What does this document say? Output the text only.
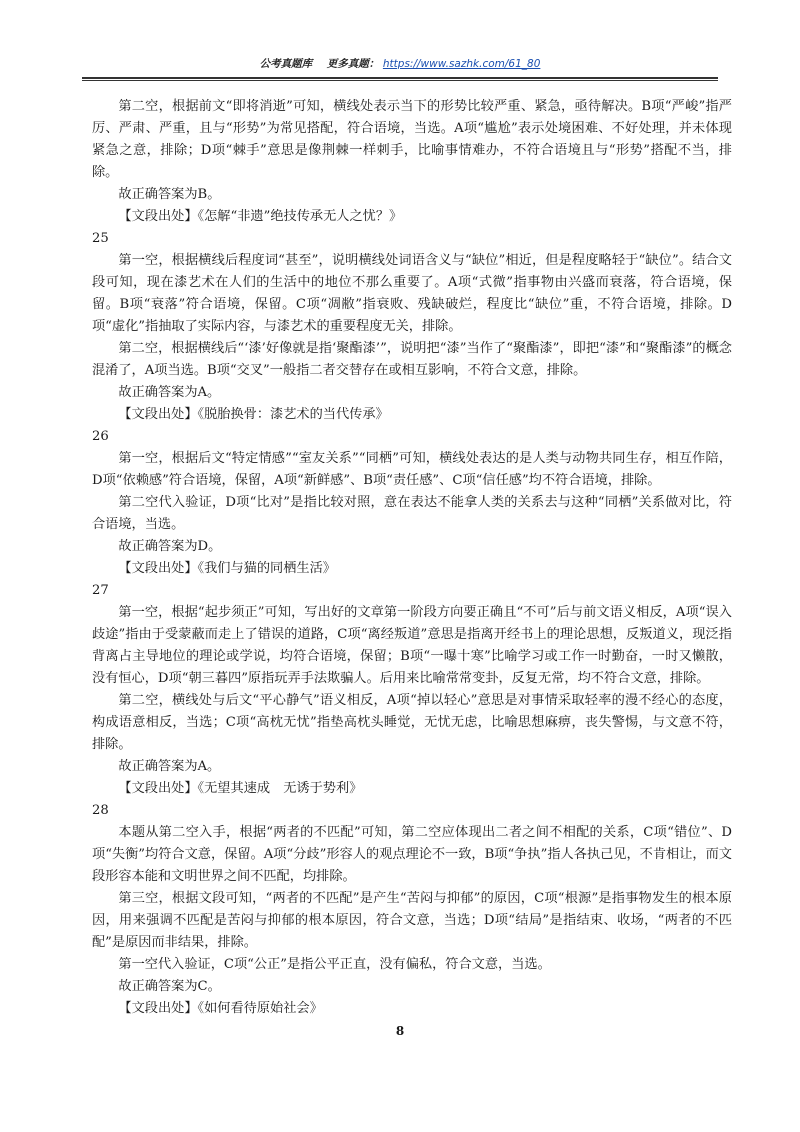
公考真题库 更多真题： https://www.sazhk.com/61_80

第二空，根据前文“即将消逝”可知，横线处表示当下的形势比较严重、紧急，亟待解决。B项“严峻”指严厉、严肃、严重，且与“形势”为常见搭配，符合语境，当选。A项“尴尬”表示处境困难、不好处理，并未体现紧急之意，排除；D项“棘手”意思是像荆棘一样刺手，比喻事情难办，不符合语境且与“形势”搭配不当，排除。

故正确答案为B。

【文段出处】《怎解“非遗”绝技传承无人之忧？》

25

第一空，根据横线后程度词“甚至”，说明横线处词语含义与“缺位”相近，但是程度略轻于“缺位”。结合文段可知，现在漆艺术在人们的生活中的地位不那么重要了。A项“式微”指事物由兴盛而衰落，符合语境，保留。B项“衰落”符合语境，保留。C项“凋敝”指衰败、残缺破烂，程度比“缺位”重，不符合语境，排除。D项“虚化”指抽取了实际内容，与漆艺术的重要程度无关，排除。

第二空，根据横线后“‘漆’好像就是指‘聚酯漆’”，说明把“漆”当作了“聚酯漆”，即把“漆”和“聚酯漆”的概念混淆了，A项当选。B项“交叉”一般指二者交替存在或相互影响，不符合文意，排除。

故正确答案为A。

【文段出处】《脱胎换骨：漆艺术的当代传承》

26

第一空，根据后文“特定情感”“室友关系”“同栖”可知，横线处表达的是人类与动物共同生存，相互作陪，D项“依赖感”符合语境，保留，A项“新鲜感”、B项“责任感”、C项“信任感”均不符合语境，排除。

第二空代入验证，D项“比对”是指比较对照，意在表达不能拿人类的关系去与这种“同栖”关系做对比，符合语境，当选。

故正确答案为D。

【文段出处】《我们与猫的同栖生活》

27

第一空，根据“起步须正”可知，写出好的文章第一阶段方向要正确且“不可”后与前文语义相反，A项“误入歧途”指由于受蒙蔽而走上了错误的道路，C项“离经叛道”意思是指离开经书上的理论思想，反叛道义，现泛指背离占主导地位的理论或学说，均符合语境，保留；B项“一曝十寒”比喻学习或工作一时勤奋，一时又懒散，没有恒心，D项“朝三暮四”原指玩弄手法欺骗人。后用来比喻常常变卦，反复无常，均不符合文意，排除。

第二空，横线处与后文“平心静气”语义相反，A项“掉以轻心”意思是对事情采取轻率的漫不经心的态度，构成语意相反，当选；C项“高枕无忧”指垫高枕头睡觉，无忧无虑，比喻思想麻痹，丧失警惕，与文意不符，排除。

故正确答案为A。

【文段出处】《无望其速成　无诱于势利》

28

本题从第二空入手，根据“两者的不匹配”可知，第二空应体现出二者之间不相配的关系，C项“错位”、D项“失衡”均符合文意，保留。A项“分歧”形容人的观点理论不一致，B项“争执”指人各执己见，不肯相让，而文段形容本能和文明世界之间不匹配，均排除。

第三空，根据文段可知，“两者的不匹配”是产生“苦闷与抑郁”的原因，C项“根源”是指事物发生的根本原因，用来强调不匹配是苦闷与抑郁的根本原因，符合文意，当选；D项“结局”是指结束、收场，“两者的不匹配”是原因而非结果，排除。

第一空代入验证，C项“公正”是指公平正直，没有偏私，符合文意，当选。

故正确答案为C。

【文段出处】《如何看待原始社会》

8
